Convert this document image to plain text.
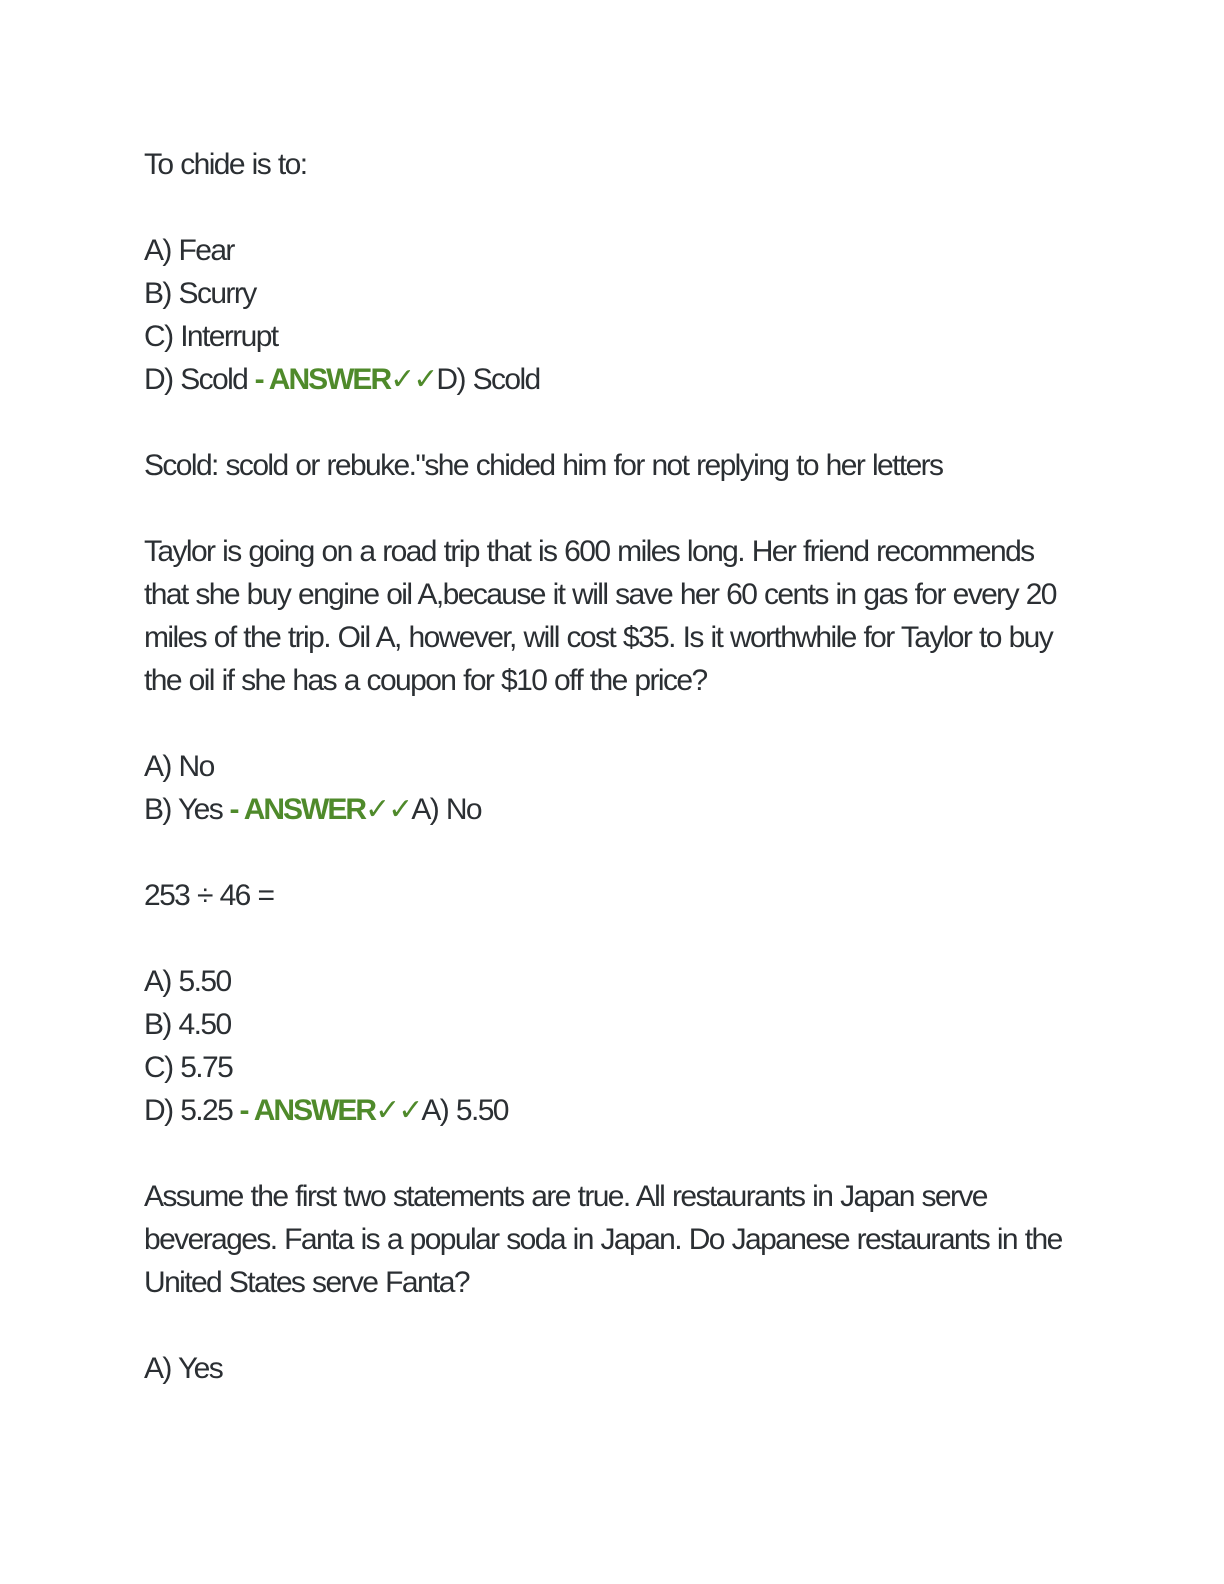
To chide is to:
A) Fear
B) Scurry
C) Interrupt
D) Scold - ANSWER✓✓D) Scold
Scold: scold or rebuke."she chided him for not replying to her letters
Taylor is going on a road trip that is 600 miles long. Her friend recommends that she buy engine oil A,because it will save her 60 cents in gas for every 20 miles of the trip. Oil A, however, will cost $35. Is it worthwhile for Taylor to buy the oil if she has a coupon for $10 off the price?
A) No
B) Yes - ANSWER✓✓A) No
253 ÷ 46 =
A) 5.50
B) 4.50
C) 5.75
D) 5.25 - ANSWER✓✓A) 5.50
Assume the first two statements are true. All restaurants in Japan serve beverages. Fanta is a popular soda in Japan. Do Japanese restaurants in the United States serve Fanta?
A) Yes
